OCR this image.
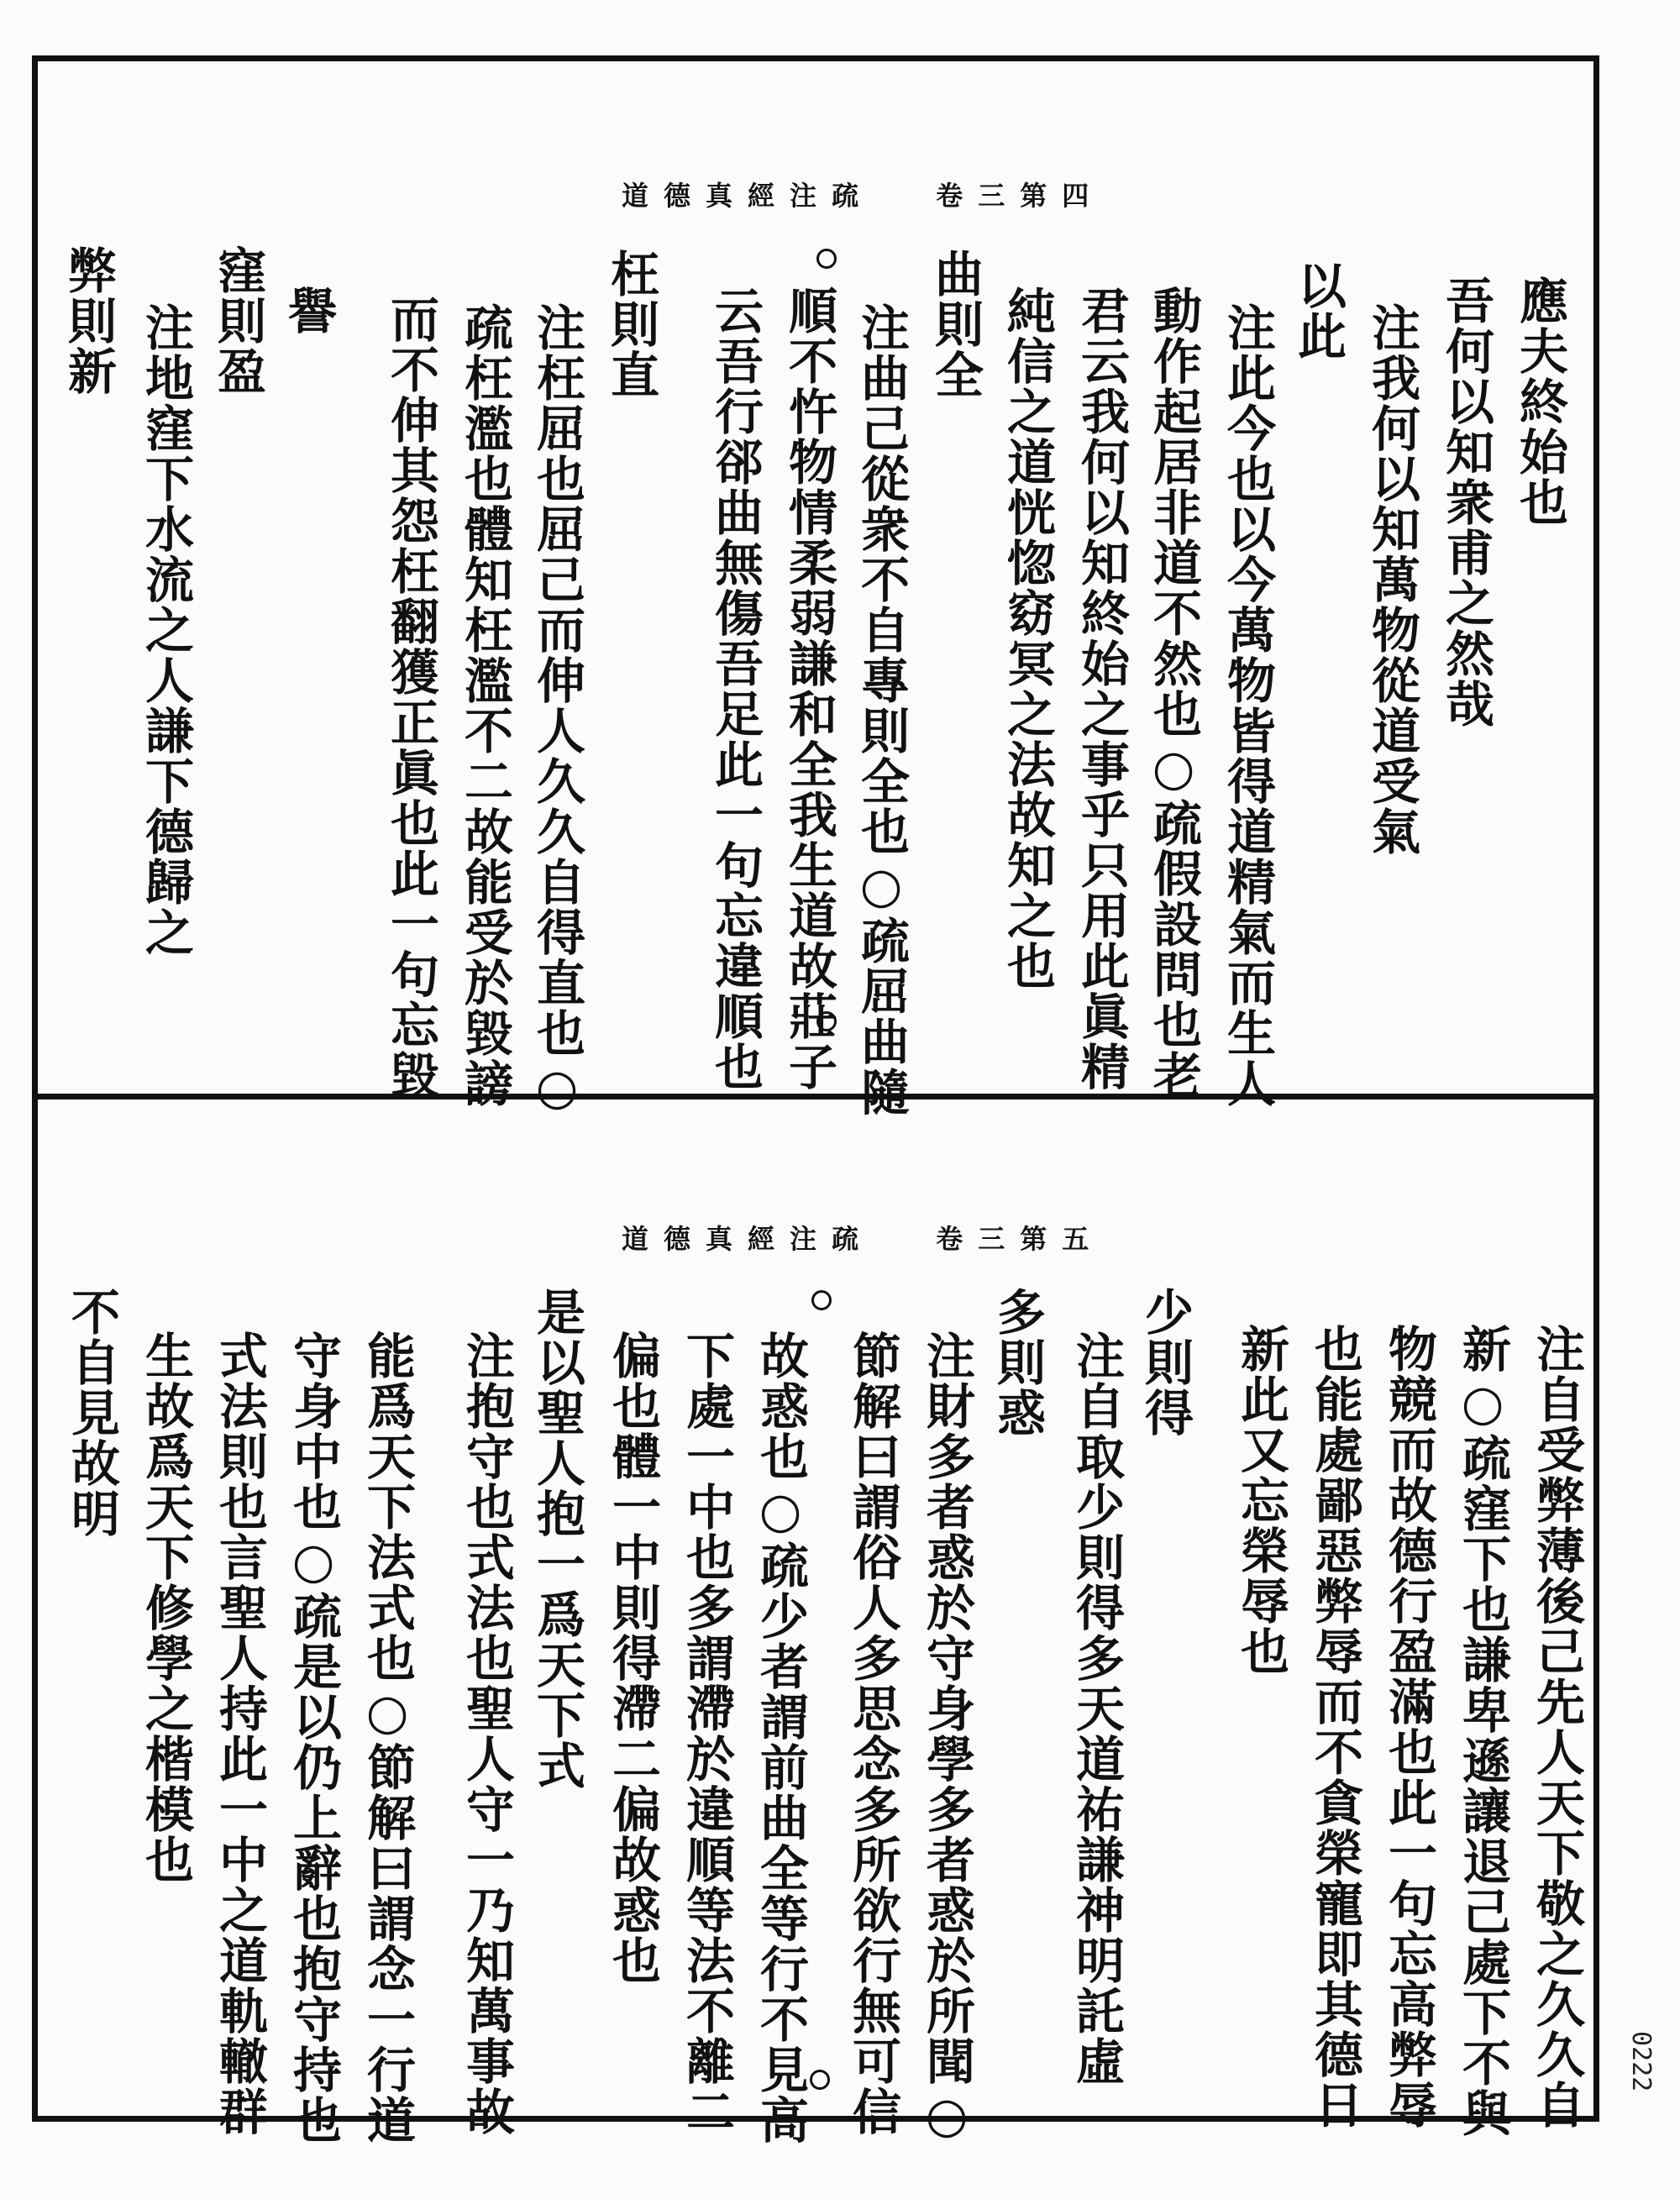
道德真經注疏 卷三第四
道德真經注疏 卷三第五
應夫終始也
吾何以知衆甫之然哉
注我何以知萬物從道受氣
以此
注此今也以今萬物皆得道精氣而生人
動作起居非道不然也○疏假設問也老
君云我何以知終始之事乎只用此眞精
純信之道恍惚窈冥之法故知之也
曲則全
注曲己從衆不自專則全也○疏屈曲隨
順不忤物情柔弱謙和全我生道故莊子
云吾行郤曲無傷吾足此一句忘違順也
枉則直
注枉屈也屈己而伸人久久自得直也○
疏枉濫也體知枉濫不二故能受於毀謗
而不伸其怨枉翻獲正眞也此一句忘毀
譽
窪則盈
注地窪下水流之人謙下德歸之
弊則新
注自受弊薄後己先人天下敬之久久自
新○疏窪下也謙卑遜讓退己處下不與
物競而故德行盈滿也此一句忘高弊辱
也能處鄙惡弊辱而不貪榮寵即其德日
新此又忘榮辱也
少則得
注自取少則得多天道祐謙神明託虛
多則惑
注財多者惑於守身學多者惑於所聞○
節解曰謂俗人多思念多所欲行無可信
故惑也○疏少者謂前曲全等行不見高
下處一中也多謂滯於違順等法不離二
偏也體一中則得滯二偏故惑也
是以聖人抱一爲天下式
注抱守也式法也聖人守一乃知萬事故
能爲天下法式也○節解曰謂念一行道
守身中也○疏是以仍上辭也抱守持也
式法則也言聖人持此一中之道軌轍群
生故爲天下修學之楷模也
不自見故明
0222
